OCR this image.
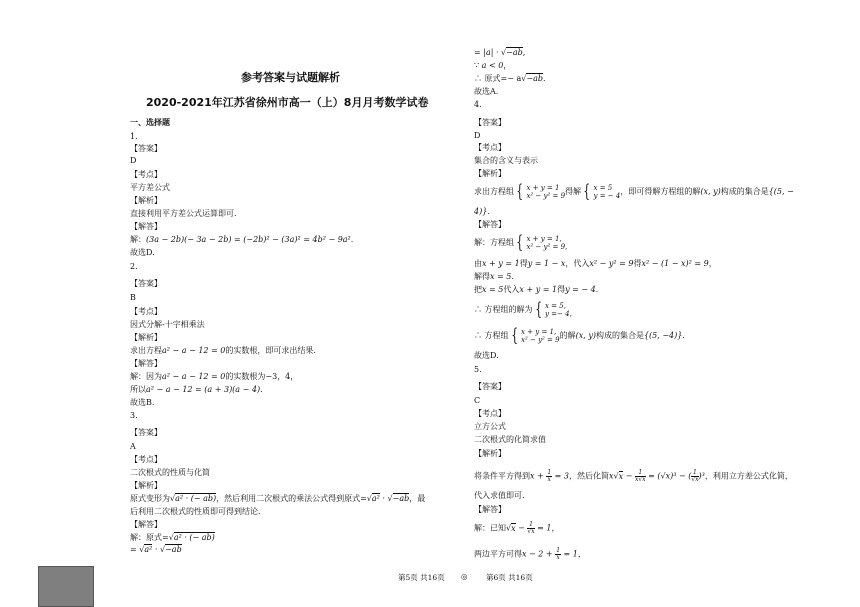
参考答案与试题解析
2020-2021年江苏省徐州市高一（上）8月月考数学试卷
一、选择题
1.
【答案】
D
【考点】
平方差公式
【解析】
直接利用平方差公式运算即可.
【解答】
解：(3a − 2b)(− 3a − 2b) = (−2b)² − (3a)² = 4b² − 9a².
故选D.
2.
【答案】
B
【考点】
因式分解-十字相乘法
【解析】
求出方程a² − a − 12 = 0的实数根，即可求出结果.
【解答】
解：因为a² − a − 12 = 0的实数根为−3，4，
所以a² − a − 12 = (a + 3)(a − 4).
故选B.
3.
【答案】
A
【考点】
二次根式的性质与化简
【解析】
原式变形为√a² · (− ab)，然后利用二次根式的乘法公式得到原式=√a² · √−ab，最
后利用二次根式的性质即可得到结论.
【解答】
解：原式=√a² · (− ab)
= √a² · √−ab
= |a| · √−ab,
∵ a < 0，
∴ 原式=− a√−ab.
故选A.
4.
【答案】
D
【考点】
集合的含义与表示
【解析】
求出方程组 { x + y = 1
x² − y² = 9 得解 { x = 5
y = − 4 ，即可得解方程组的解(x, y)构成的集合是{(5, −
4)}.
【解答】
解：方程组 { x + y = 1,
x² − y² = 9,
由x + y = 1得y = 1 − x，代入x² − y² = 9得x² − (1 − x)² = 9，
解得x = 5.
把x = 5代入x + y = 1得y = − 4．
∴ 方程组的解为 { x = 5,
y =− 4,
∴ 方程组 { x + y = 1,
x² − y² = 9 的解(x, y)构成的集合是{(5, −4)}.
故选D.
5.
【答案】
C
【考点】
立方公式
二次根式的化简求值
【解析】
将条件平方得到$x + \frac{1}{x} = 3$，然后化简$x√x - \frac{1}{x√x} = (√x)^3$ − ( $\frac{1}{√x} )^3$，利用立方差公式化简，
代入求值即可.
【解答】
解：已知$√x - \frac{1}{√x} = 1$，
两边平方可得$x - 2 + \frac{1}{x} = 1$，
第5页 共16页 ◎ 第6页 共16页
